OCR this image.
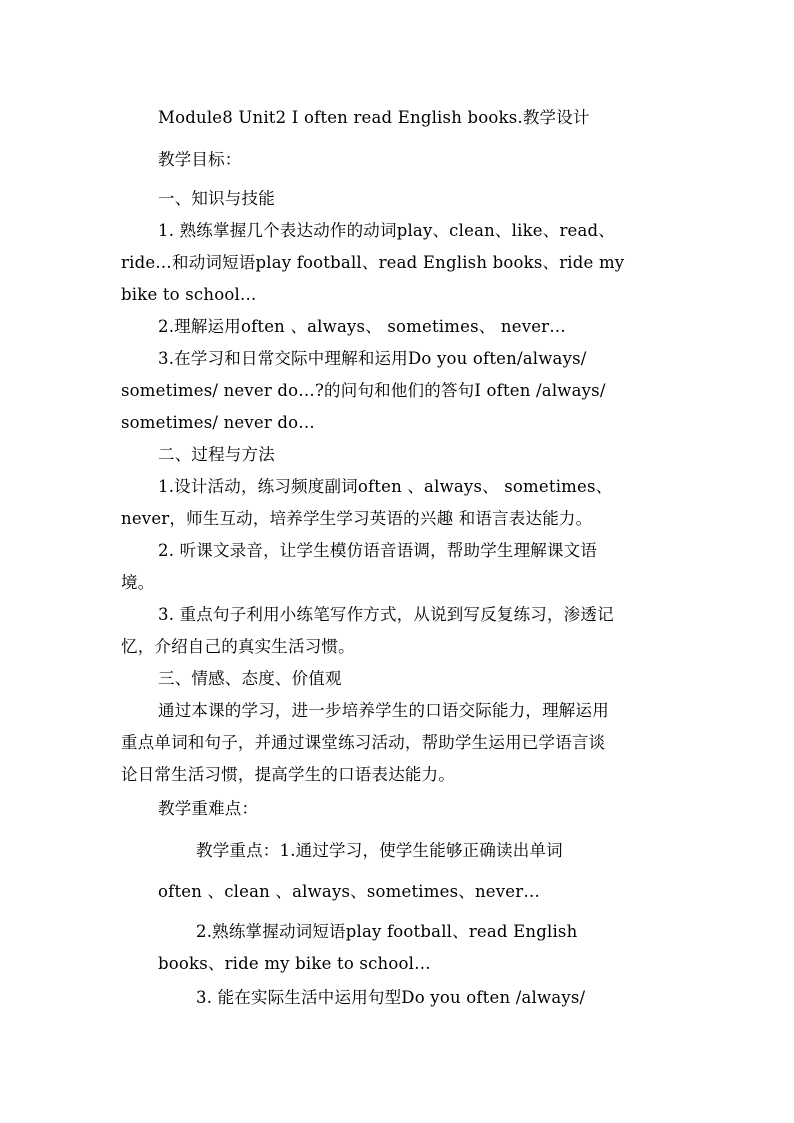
Module8 Unit2 I often read English books.教学设计
教学目标：
一、知识与技能
1. 熟练掌握几个表达动作的动词play、clean、like、read、
ride…和动词短语play football、read English books、ride my
bike to school…
2.理解运用often 、always、 sometimes、 never…
3.在学习和日常交际中理解和运用Do you often/always/
sometimes/ never do…?的问句和他们的答句I often /always/
sometimes/ never do…
二、过程与方法
1.设计活动，练习频度副词often 、always、 sometimes、
never，师生互动，培养学生学习英语的兴趣 和语言表达能力。
2. 听课文录音，让学生模仿语音语调，帮助学生理解课文语
境。
3. 重点句子利用小练笔写作方式，从说到写反复练习，渗透记
忆，介绍自己的真实生活习惯。
三、情感、态度、价值观
通过本课的学习，进一步培养学生的口语交际能力，理解运用
重点单词和句子，并通过课堂练习活动，帮助学生运用已学语言谈
论日常生活习惯，提高学生的口语表达能力。
教学重难点：
教学重点：1.通过学习，使学生能够正确读出单词
often 、clean 、always、sometimes、never…
2.熟练掌握动词短语play football、read English
books、ride my bike to school…
3. 能在实际生活中运用句型Do you often /always/
